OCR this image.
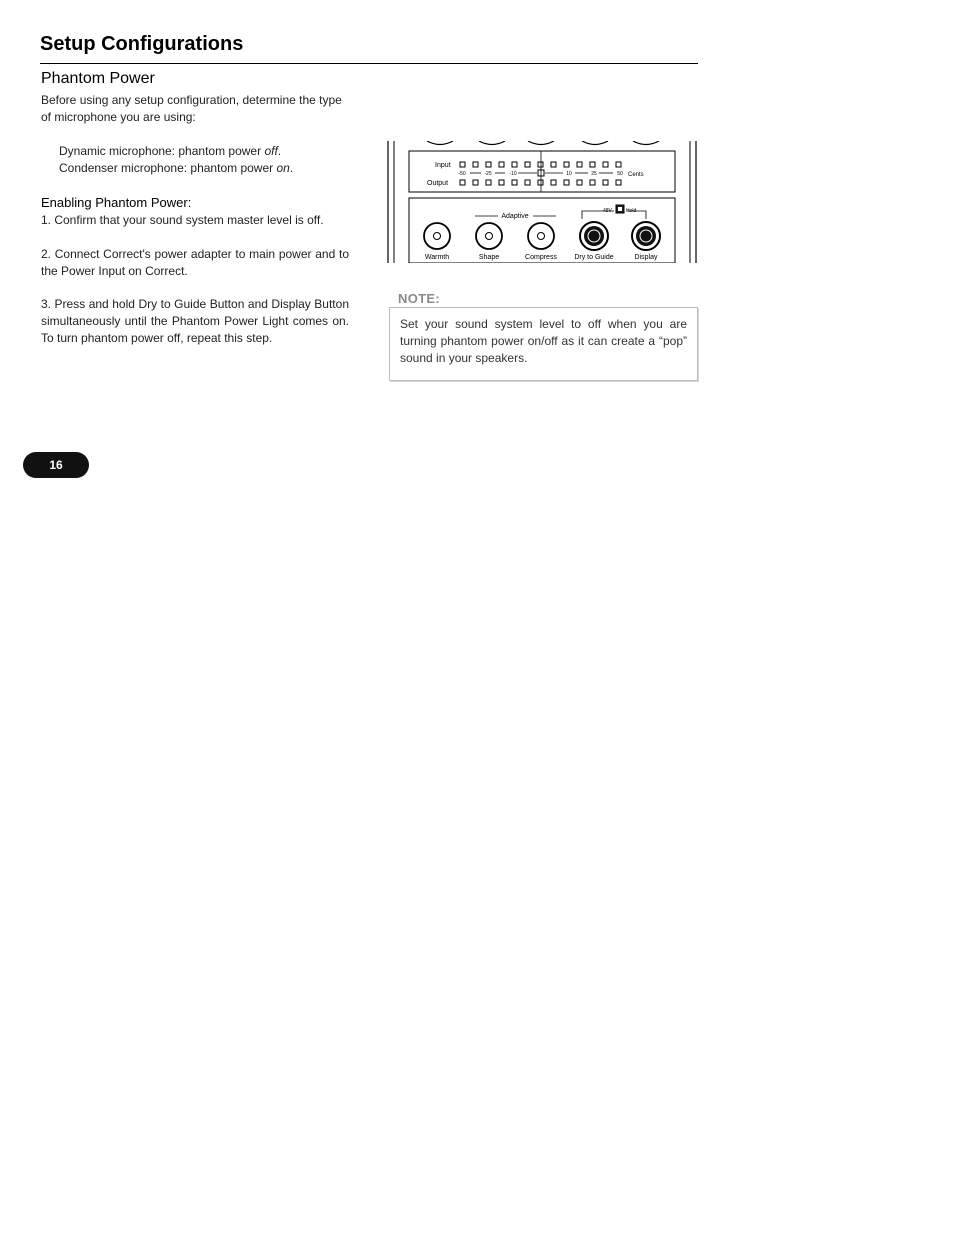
Setup Configurations
Phantom Power
Before using any setup configuration, determine the type of microphone you are using:
Dynamic microphone: phantom power off.
Condenser microphone: phantom power on.
Enabling Phantom Power:
1. Confirm that your sound system master level is off.
2. Connect Correct's power adapter to main power and to the Power Input on Correct.
3. Press and hold Dry to Guide Button and Display Button simultaneously until the Phantom Power Light comes on. To turn phantom power off, repeat this step.
Input
Output
-50	-25	-10	10	25	50 Cents
Adaptive
48V	Hold
Warmth	Shape	Compress Dry to Guide	Display
NOTE:
Set your sound system level to off when you are turning phantom power on/off as it can create a “pop” sound in your speakers.
16
